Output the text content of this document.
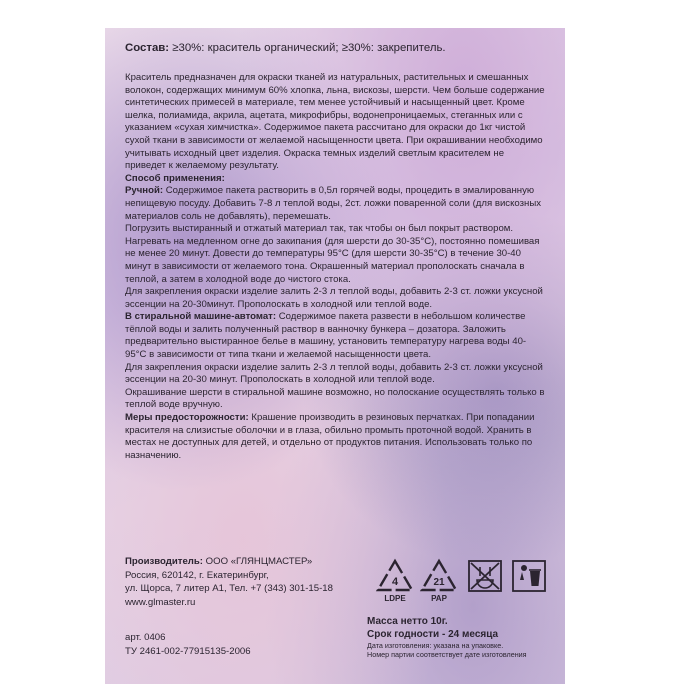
Состав: ≥30%: краситель органический; ≥30%: закрепитель.

Краситель предназначен для окраски тканей из натуральных, растительных и смешанных волокон, содержащих минимум 60% хлопка, льна, вискозы, шерсти. Чем больше содержание синтетических примесей в материале, тем менее устойчивый и насыщенный цвет. Кроме шелка, полиамида, акрила, ацетата, микрофибры, водонепроницаемых, стеганных или с указанием «сухая химчистка». Содержимое пакета рассчитано для окраски до 1кг чистой сухой ткани в зависимости от желаемой насыщенности цвета. При окрашивании необходимо учитывать исходный цвет изделия. Окраска темных изделий светлым красителем не приведет к желаемому результату.

Способ применения:

Ручной: Содержимое пакета растворить в 0,5л горячей воды, процедить в эмалированную непищевую посуду. Добавить 7-8 л теплой воды, 2ст. ложки поваренной соли (для вискозных материалов соль не добавлять), перемешать.

Погрузить выстиранный и отжатый материал так, так чтобы он был покрыт раствором. Нагревать на медленном огне до закипания (для шерсти до 30-35°C), постоянно помешивая не менее 20 минут. Довести до температуры 95°C (для шерсти 30-35°C) в течение 30-40 минут в зависимости от желаемого тона. Окрашенный материал прополоскать сначала в теплой, а затем в холодной воде до чистого стока.

Для закрепления окраски изделие залить 2-3 л теплой воды, добавить 2-3 ст. ложки уксусной эссенции на 20-30минут. Прополоскать в холодной или теплой воде.

В стиральной машине-автомат: Содержимое пакета развести в небольшом количестве тёплой воды и залить полученный раствор в ванночку бункера – дозатора. Заложить предварительно выстиранное белье в машину, установить температуру нагрева воды 40-95°C в зависимости от типа ткани и желаемой насыщенности цвета.

Для закрепления окраски изделие залить 2-3 л теплой воды, добавить 2-3 ст. ложки уксусной эссенции на 20-30 минут. Прополоскать в холодной или теплой воде.

Окрашивание шерсти в стиральной машине возможно, но полоскание осуществлять только в теплой воде вручную.

Меры предосторожности: Крашение производить в резиновых перчатках. При попадании красителя на слизистые оболочки и в глаза, обильно промыть проточной водой. Хранить в местах не доступных для детей, и отдельно от продуктов питания. Использовать только по назначению.

Производитель: ООО «ГЛЯНЦМАСТЕР»
Россия, 620142, г. Екатеринбург,
ул. Щорса, 7 литер А1, Тел. +7 (343) 301-15-18
www.glmaster.ru
арт. 0406
ТУ 2461-002-77915135-2006
4
LDPE
21
PAP
Масса нетто 10г.
Срок годности - 24 месяца
Дата изготовления: указана на упаковке.
Номер партии соответствует дате изготовления
